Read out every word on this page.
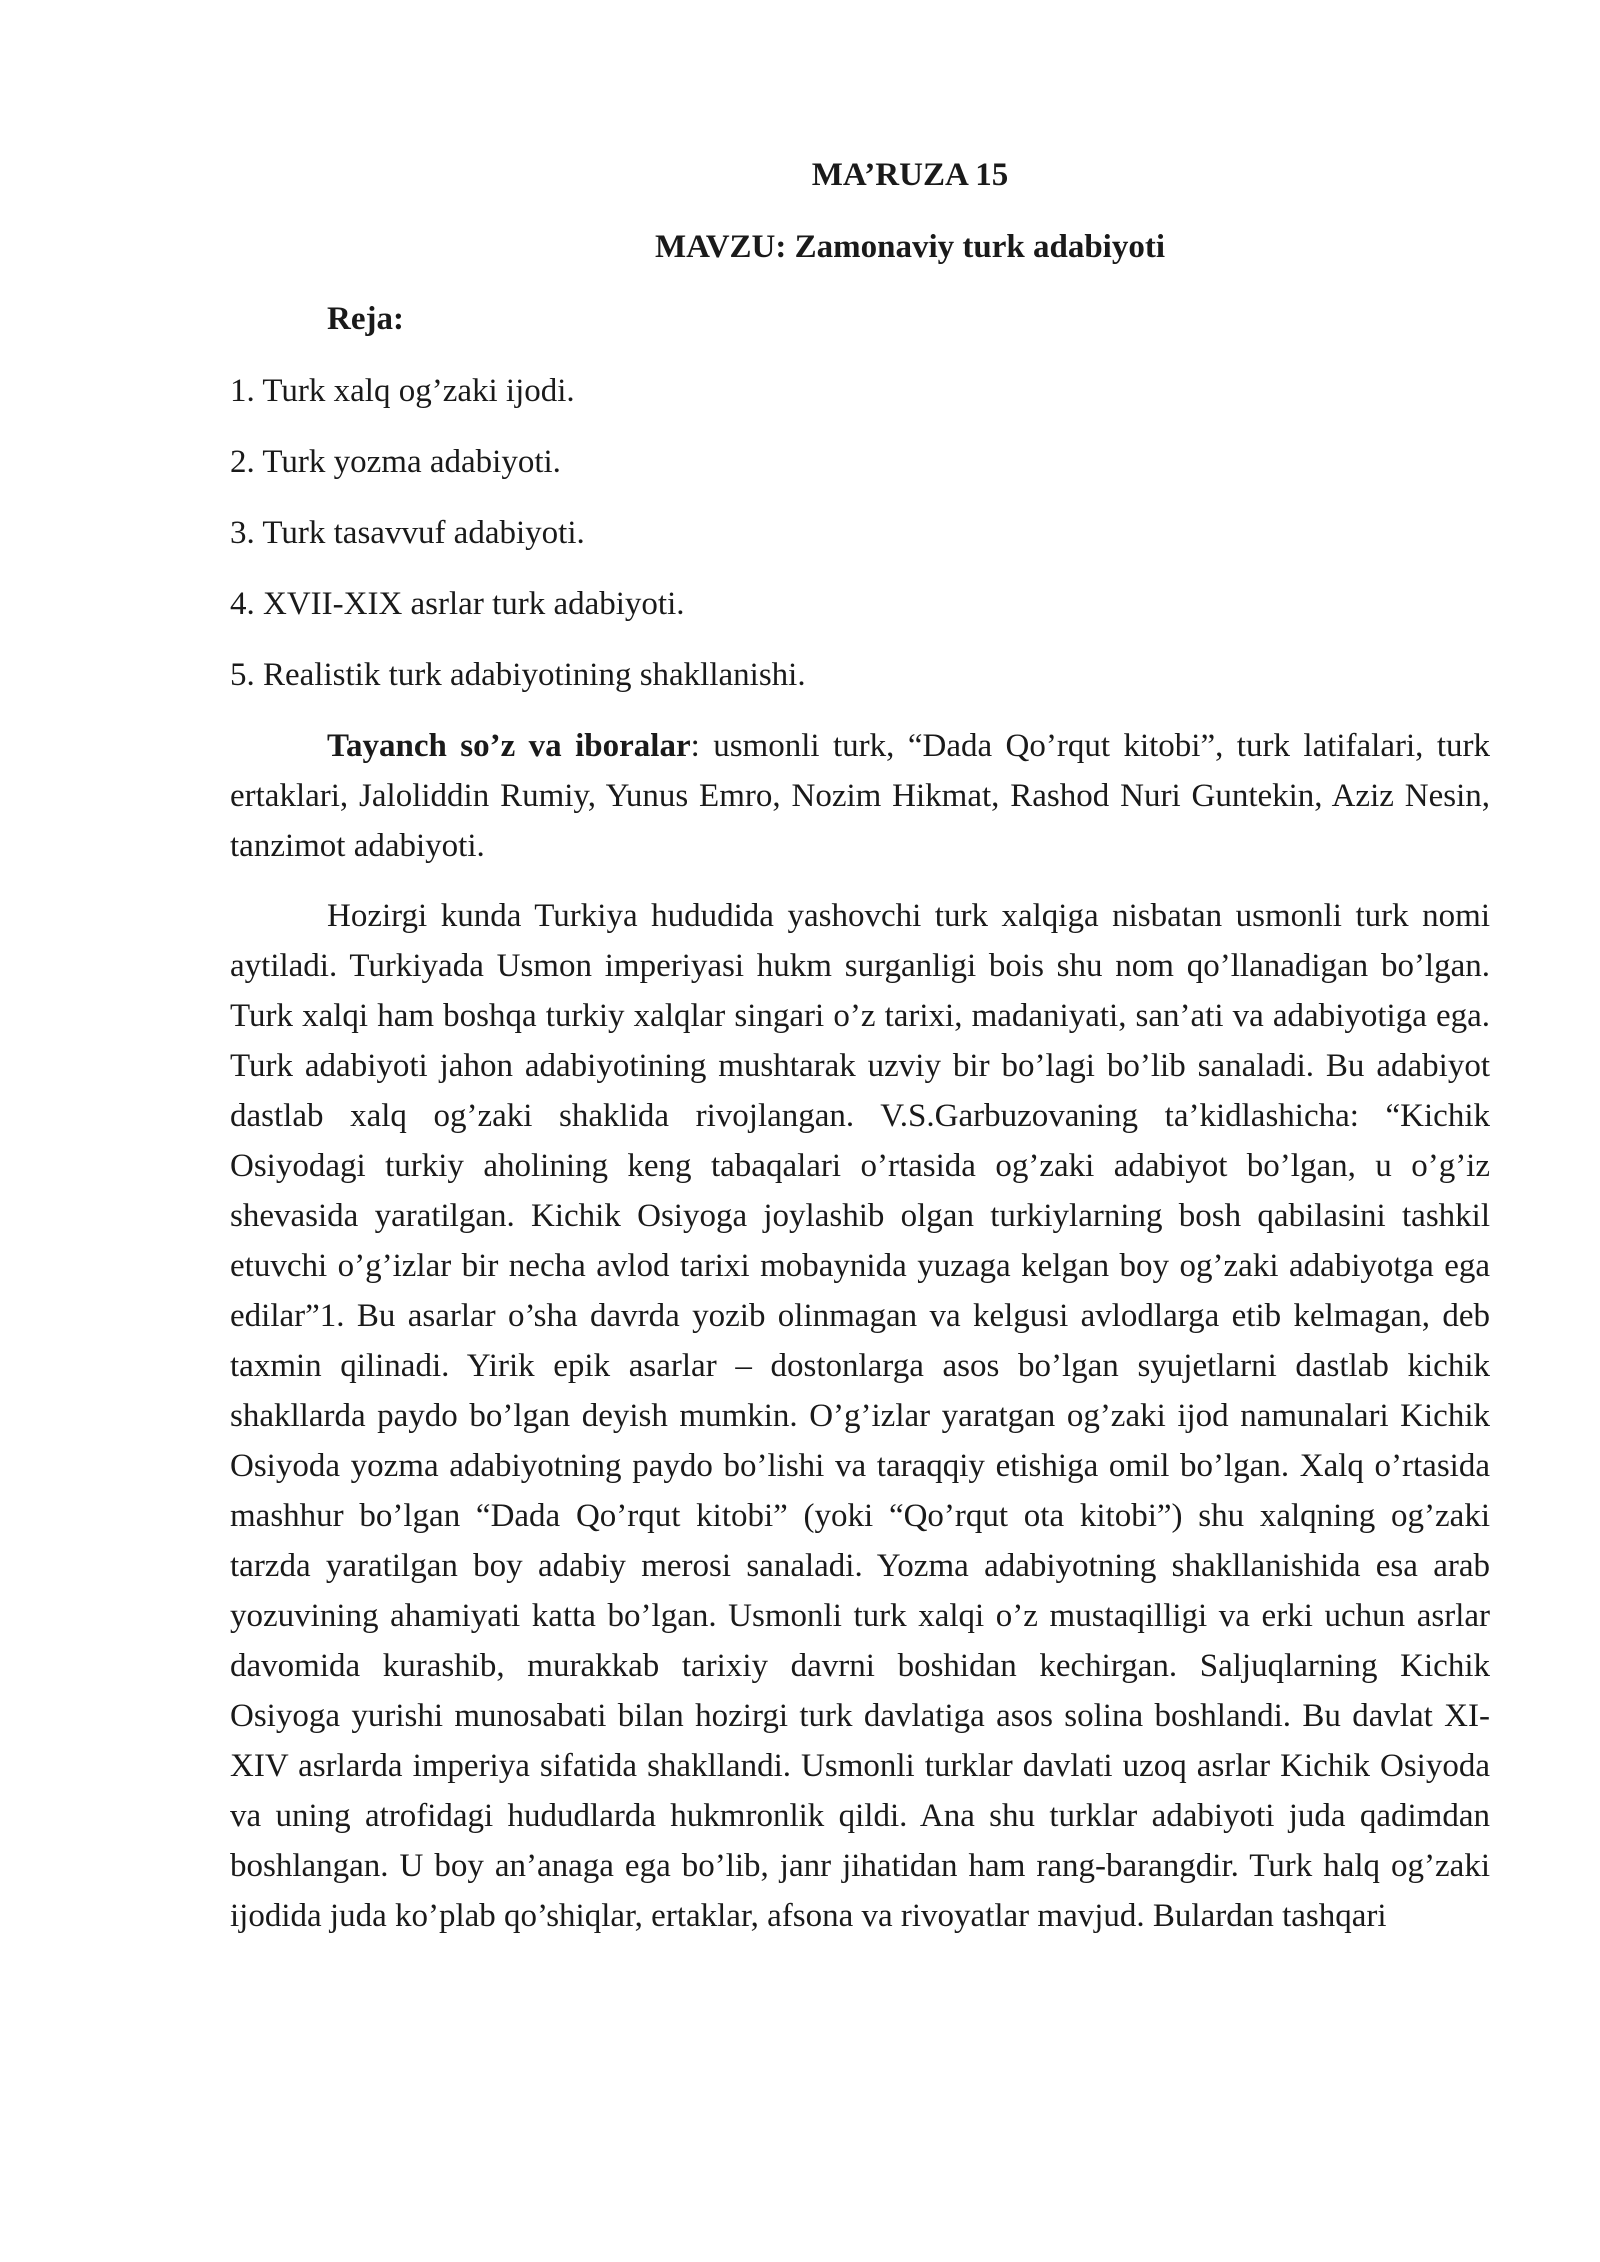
MA’RUZA 15
MAVZU: Zamonaviy turk adabiyoti
Reja:
1. Turk xalq og’zaki ijodi.
2. Turk yozma adabiyoti.
3. Turk tasavvuf adabiyoti.
4. XVII-XIX asrlar turk adabiyoti.
5. Realistik turk adabiyotining shakllanishi.

Tayanch so’z va iboralar: usmonli turk, “Dada Qo’rqut kitobi”, turk latifalari, turk ertaklari, Jaloliddin Rumiy, Yunus Emro, Nozim Hikmat, Rashod Nuri Guntekin, Aziz Nesin, tanzimot adabiyoti.

Hozirgi kunda Turkiya hududida yashovchi turk xalqiga nisbatan usmonli turk nomi aytiladi. Turkiyada Usmon imperiyasi hukm surganligi bois shu nom qo’llanadigan bo’lgan. Turk xalqi ham boshqa turkiy xalqlar singari o’z tarixi, madaniyati, san’ati va adabiyotiga ega. Turk adabiyoti jahon adabiyotining mushtarak uzviy bir bo’lagi bo’lib sanaladi. Bu adabiyot dastlab xalq og’zaki shaklida rivojlangan. V.S.Garbuzovaning ta’kidlashicha: “Kichik Osiyodagi turkiy aholining keng tabaqalari o’rtasida og’zaki adabiyot bo’lgan, u o’g’iz shevasida yaratilgan. Kichik Osiyoga joylashib olgan turkiylarning bosh qabilasini tashkil etuvchi o’g’izlar bir necha avlod tarixi mobaynida yuzaga kelgan boy og’zaki adabiyotga ega edilar”1. Bu asarlar o’sha davrda yozib olinmagan va kelgusi avlodlarga etib kelmagan, deb taxmin qilinadi. Yirik epik asarlar – dostonlarga asos bo’lgan syujetlarni dastlab kichik shakllarda paydo bo’lgan deyish mumkin. O’g’izlar yaratgan og’zaki ijod namunalari Kichik Osiyoda yozma adabiyotning paydo bo’lishi va taraqqiy etishiga omil bo’lgan. Xalq o’rtasida mashhur bo’lgan “Dada Qo’rqut kitobi” (yoki “Qo’rqut ota kitobi”) shu xalqning og’zaki tarzda yaratilgan boy adabiy merosi sanaladi. Yozma adabiyotning shakllanishida esa arab yozuvining ahamiyati katta bo’lgan. Usmonli turk xalqi o’z mustaqilligi va erki uchun asrlar davomida kurashib, murakkab tarixiy davrni boshidan kechirgan. Saljuqlarning Kichik Osiyoga yurishi munosabati bilan hozirgi turk davlatiga asos solina boshlandi. Bu davlat XI-XIV asrlarda imperiya sifatida shakllandi. Usmonli turklar davlati uzoq asrlar Kichik Osiyoda va uning atrofidagi hududlarda hukmronlik qildi. Ana shu turklar adabiyoti juda qadimdan boshlangan. U boy an’anaga ega bo’lib, janr jihatidan ham rang-barangdir. Turk halq og’zaki ijodida juda ko’plab qo’shiqlar, ertaklar, afsona va rivoyatlar mavjud. Bulardan tashqari
